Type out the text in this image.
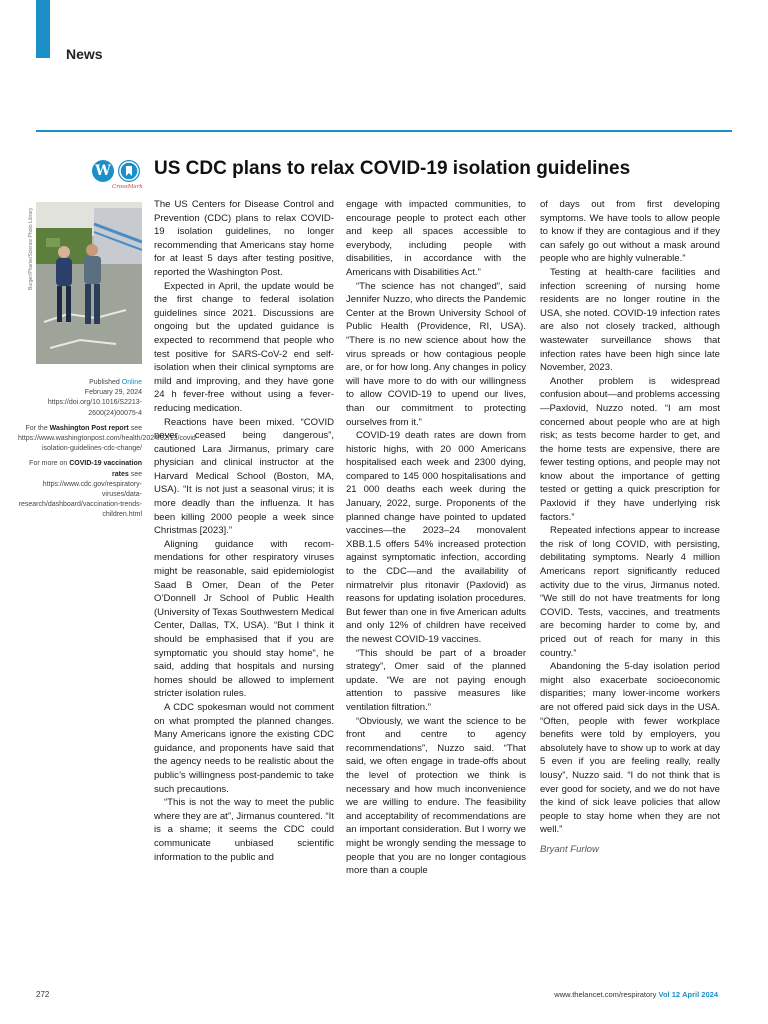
News
W
CrossMark
US CDC plans to relax COVID-19 isolation guidelines
Burger/Phanie/Science Photo Library

Published Online
February 29, 2024
https://doi.org/10.1016/S2213-2600(24)00075-4

For the Washington Post report see https://www.washingtonpost.com/health/2024/02/13/covid-isolation-guidelines-cdc-change/

For more on COVID-19 vaccination rates see https://www.cdc.gov/respiratory-viruses/data-research/dashboard/vaccination-trends-children.html

The US Centers for Disease Control and Prevention (CDC) plans to relax COVID-19 isolation guidelines, no longer recommending that Americans stay home for at least 5 days after testing positive, reported the Washington Post.

Expected in April, the update would be the first change to federal isolation guidelines since 2021. Discussions are ongoing but the updated guidance is expected to recommend that people who test positive for SARS-CoV-2 end self-isolation when their clinical symptoms are mild and improving, and they have gone 24 h fever-free without using a fever-reducing medication.

Reactions have been mixed. “COVID never ceased being dangerous”, cautioned Lara Jirmanus, primary care physician and clinical instructor at the Harvard Medical School (Boston, MA, USA). “It is not just a seasonal virus; it is more deadly than the influenza. It has been killing 2000 people a week since Christmas [2023].”

Aligning guidance with recommendations for other respiratory viruses might be reasonable, said epidemiologist Saad B Omer, Dean of the Peter O’Donnell Jr School of Public Health (University of Texas Southwestern Medical Center, Dallas, TX, USA). “But I think it should be emphasised that if you are symptomatic you should stay home”, he said, adding that hospitals and nursing homes should be allowed to implement stricter isolation rules.

A CDC spokesman would not comment on what prompted the planned changes. Many Americans ignore the existing CDC guidance, and proponents have said that the agency needs to be realistic about the public’s willingness post-pandemic to take such precautions.

“This is not the way to meet the public where they are at”, Jirmanus countered. “It is a shame; it seems the CDC could communicate unbiased scientific information to the public and

engage with impacted communities, to encourage people to protect each other and keep all spaces accessible to everybody, including people with disabilities, in accordance with the Americans with Disabilities Act.”

“The science has not changed”, said Jennifer Nuzzo, who directs the Pandemic Center at the Brown University School of Public Health (Providence, RI, USA). “There is no new science about how the virus spreads or how contagious people are, or for how long. Any changes in policy will have more to do with our willingness to allow COVID-19 to upend our lives, than our commitment to protecting ourselves from it.”

COVID-19 death rates are down from historic highs, with 20 000 Americans hospitalised each week and 2300 dying, compared to 145 000 hospitalisations and 21 000 deaths each week during the January, 2022, surge. Proponents of the planned change have pointed to updated vaccines—the 2023–24 monovalent XBB.1.5 offers 54% increased protection against symptomatic infection, according to the CDC—and the availability of nirmatrelvir plus ritonavir (Paxlovid) as reasons for updating isolation procedures. But fewer than one in five American adults and only 12% of children have received the newest COVID-19 vaccines.

“This should be part of a broader strategy”, Omer said of the planned update. “We are not paying enough attention to passive measures like ventilation filtration.”

“Obviously, we want the science to be front and centre to agency recommendations”, Nuzzo said. “That said, we often engage in trade-offs about the level of protection we think is necessary and how much inconvenience we are willing to endure. The feasibility and acceptability of recommendations are an important consideration. But I worry we might be wrongly sending the message to people that you are no longer contagious more than a couple

of days out from first developing symptoms. We have tools to allow people to know if they are contagious and if they can safely go out without a mask around people who are highly vulnerable.”

Testing at health-care facilities and infection screening of nursing home residents are no longer routine in the USA, she noted. COVID-19 infection rates are also not closely tracked, although wastewater surveillance shows that infection rates have been high since late November, 2023.

Another problem is widespread confusion about—and problems accessing—Paxlovid, Nuzzo noted. “I am most concerned about people who are at high risk; as tests become harder to get, and the home tests are expensive, there are fewer testing options, and people may not know about the importance of getting tested or getting a quick prescription for Paxlovid if they have underlying risk factors.”

Repeated infections appear to increase the risk of long COVID, with persisting, debilitating symptoms. Nearly 4 million Americans report significantly reduced activity due to the virus, Jirmanus noted. “We still do not have treatments for long COVID. Tests, vaccines, and treatments are becoming harder to come by, and priced out of reach for many in this country.”

Abandoning the 5-day isolation period might also exacerbate socioeconomic disparities; many lower-income workers are not offered paid sick days in the USA. “Often, people with fewer workplace benefits were told by employers, you absolutely have to show up to work at day 5 even if you are feeling really, really lousy”, Nuzzo said. “I do not think that is ever good for society, and we do not have the kind of sick leave policies that allow people to stay home when they are not well.”

Bryant Furlow

272	www.thelancet.com/respiratory Vol 12 April 2024
